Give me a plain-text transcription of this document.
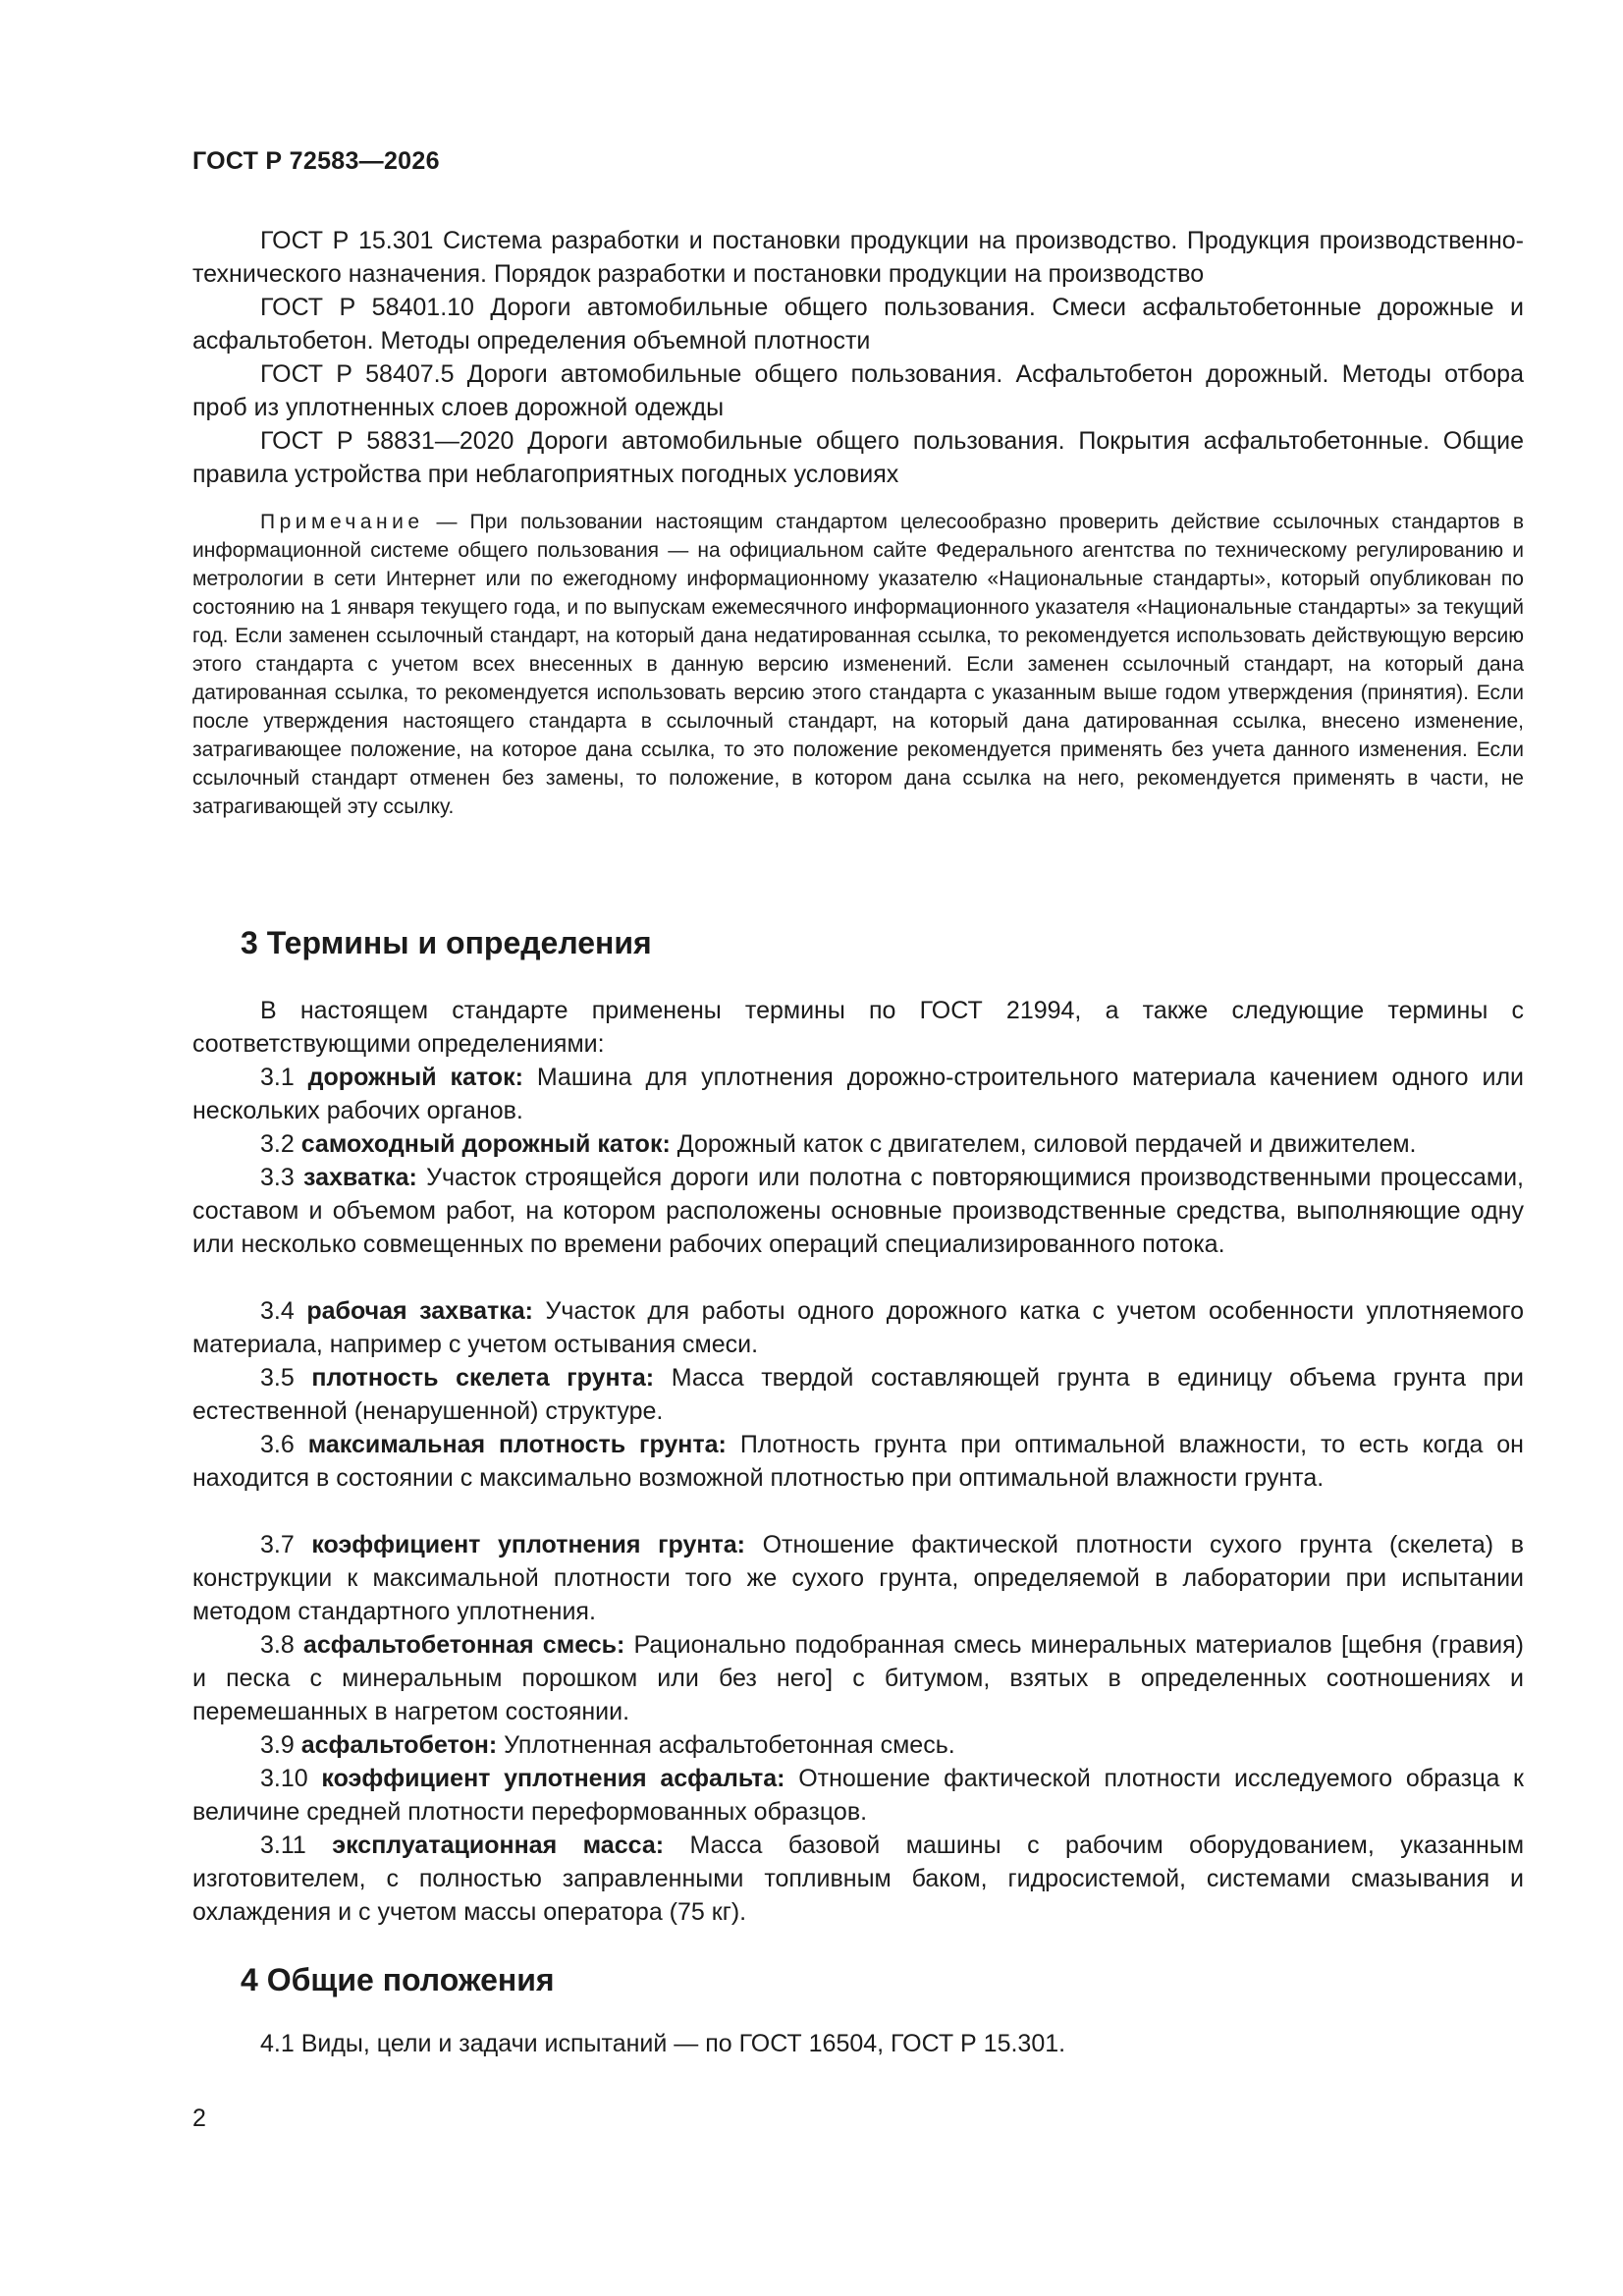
ГОСТ Р 72583—2026

ГОСТ Р 15.301 Система разработки и постановки продукции на производство. Продукция производственно-технического назначения. Порядок разработки и постановки продукции на производство

ГОСТ Р 58401.10 Дороги автомобильные общего пользования. Смеси асфальтобетонные дорожные и асфальтобетон. Методы определения объемной плотности

ГОСТ Р 58407.5 Дороги автомобильные общего пользования. Асфальтобетон дорожный. Методы отбора проб из уплотненных слоев дорожной одежды

ГОСТ Р 58831—2020 Дороги автомобильные общего пользования. Покрытия асфальтобетонные. Общие правила устройства при неблагоприятных погодных условиях

Примечание — При пользовании настоящим стандартом целесообразно проверить действие ссылочных стандартов в информационной системе общего пользования — на официальном сайте Федерального агентства по техническому регулированию и метрологии в сети Интернет или по ежегодному информационному указателю «Национальные стандарты», который опубликован по состоянию на 1 января текущего года, и по выпускам ежемесячного информационного указателя «Национальные стандарты» за текущий год. Если заменен ссылочный стандарт, на который дана недатированная ссылка, то рекомендуется использовать действующую версию этого стандарта с учетом всех внесенных в данную версию изменений. Если заменен ссылочный стандарт, на который дана датированная ссылка, то рекомендуется использовать версию этого стандарта с указанным выше годом утверждения (принятия). Если после утверждения настоящего стандарта в ссылочный стандарт, на который дана датированная ссылка, внесено изменение, затрагивающее положение, на которое дана ссылка, то это положение рекомендуется применять без учета данного изменения. Если ссылочный стандарт отменен без замены, то положение, в котором дана ссылка на него, рекомендуется применять в части, не затрагивающей эту ссылку.

3 Термины и определения

В настоящем стандарте применены термины по ГОСТ 21994, а также следующие термины с соответствующими определениями:

3.1 дорожный каток: Машина для уплотнения дорожно-строительного материала качением одного или нескольких рабочих органов.

3.2 самоходный дорожный каток: Дорожный каток с двигателем, силовой пердачей и движителем.

3.3 захватка: Участок строящейся дороги или полотна с повторяющимися производственными процессами, составом и объемом работ, на котором расположены основные производственные средства, выполняющие одну или несколько совмещенных по времени рабочих операций специализированного потока.

3.4 рабочая захватка: Участок для работы одного дорожного катка с учетом особенности уплотняемого материала, например с учетом остывания смеси.

3.5 плотность скелета грунта: Масса твердой составляющей грунта в единицу объема грунта при естественной (ненарушенной) структуре.

3.6 максимальная плотность грунта: Плотность грунта при оптимальной влажности, то есть когда он находится в состоянии с максимально возможной плотностью при оптимальной влажности грунта.

3.7 коэффициент уплотнения грунта: Отношение фактической плотности сухого грунта (скелета) в конструкции к максимальной плотности того же сухого грунта, определяемой в лаборатории при испытании методом стандартного уплотнения.

3.8 асфальтобетонная смесь: Рационально подобранная смесь минеральных материалов [щебня (гравия) и песка с минеральным порошком или без него] с битумом, взятых в определенных соотношениях и перемешанных в нагретом состоянии.

3.9 асфальтобетон: Уплотненная асфальтобетонная смесь.

3.10 коэффициент уплотнения асфальта: Отношение фактической плотности исследуемого образца к величине средней плотности переформованных образцов.

3.11 эксплуатационная масса: Масса базовой машины с рабочим оборудованием, указанным изготовителем, с полностью заправленными топливным баком, гидросистемой, системами смазывания и охлаждения и с учетом массы оператора (75 кг).

4 Общие положения

4.1 Виды, цели и задачи испытаний — по ГОСТ 16504, ГОСТ Р 15.301.

2
